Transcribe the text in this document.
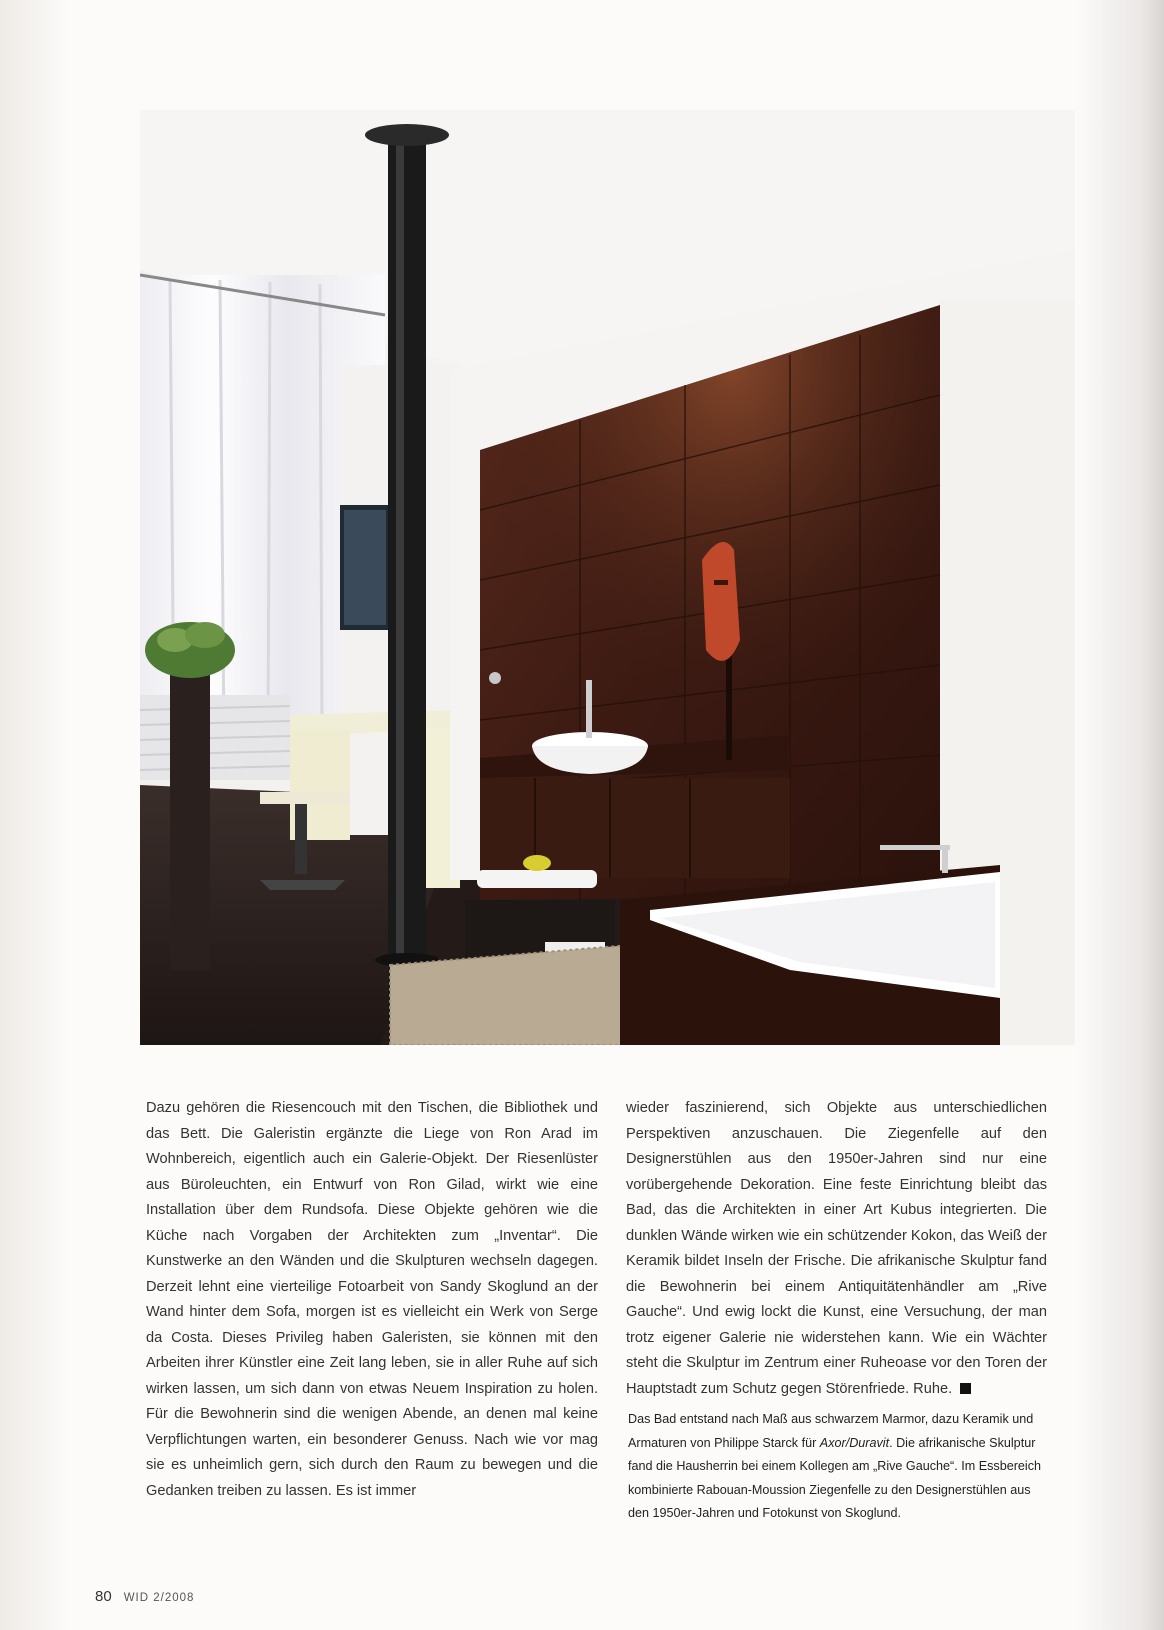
Dazu gehören die Riesencouch mit den Tischen, die Bibliothek und das Bett. Die Galeristin ergänzte die Liege von Ron Arad im Wohnbereich, eigentlich auch ein Galerie-Objekt. Der Riesenlüster aus Büroleuchten, ein Entwurf von Ron Gilad, wirkt wie eine Installation über dem Rundsofa. Diese Objekte gehören wie die Küche nach Vorgaben der Architekten zum „Inventar“. Die Kunstwerke an den Wänden und die Skulpturen wechseln dagegen. Derzeit lehnt eine vierteilige Fotoarbeit von Sandy Skoglund an der Wand hinter dem Sofa, morgen ist es vielleicht ein Werk von Serge da Costa. Dieses Privileg haben Galeristen, sie können mit den Arbeiten ihrer Künstler eine Zeit lang leben, sie in aller Ruhe auf sich wirken lassen, um sich dann von etwas Neuem Inspiration zu holen. Für die Bewohnerin sind die wenigen Abende, an denen mal keine Verpflichtungen warten, ein besonderer Genuss. Nach wie vor mag sie es unheimlich gern, sich durch den Raum zu bewegen und die Gedanken treiben zu lassen. Es ist immer

wieder faszinierend, sich Objekte aus unterschiedlichen Perspektiven anzuschauen. Die Ziegenfelle auf den Designerstühlen aus den 1950er-Jahren sind nur eine vorübergehende Dekoration. Eine feste Einrichtung bleibt das Bad, das die Architekten in einer Art Kubus integrierten. Die dunklen Wände wirken wie ein schützender Kokon, das Weiß der Keramik bildet Inseln der Frische. Die afrikanische Skulptur fand die Bewohnerin bei einem Antiquitätenhändler am „Rive Gauche“. Und ewig lockt die Kunst, eine Versuchung, der man trotz eigener Galerie nie widerstehen kann. Wie ein Wächter steht die Skulptur im Zentrum einer Ruheoase vor den Toren der Hauptstadt zum Schutz gegen Störenfriede. Ruhe.

Das Bad entstand nach Maß aus schwarzem Marmor, dazu Keramik und Armaturen von Philippe Starck für Axor/Duravit. Die afrikanische Skulptur fand die Hausherrin bei einem Kollegen am „Rive Gauche“. Im Essbereich kombinierte Rabouan-Moussion Ziegenfelle zu den Designerstühlen aus den 1950er-Jahren und Fotokunst von Skoglund.

80 WID 2/2008
